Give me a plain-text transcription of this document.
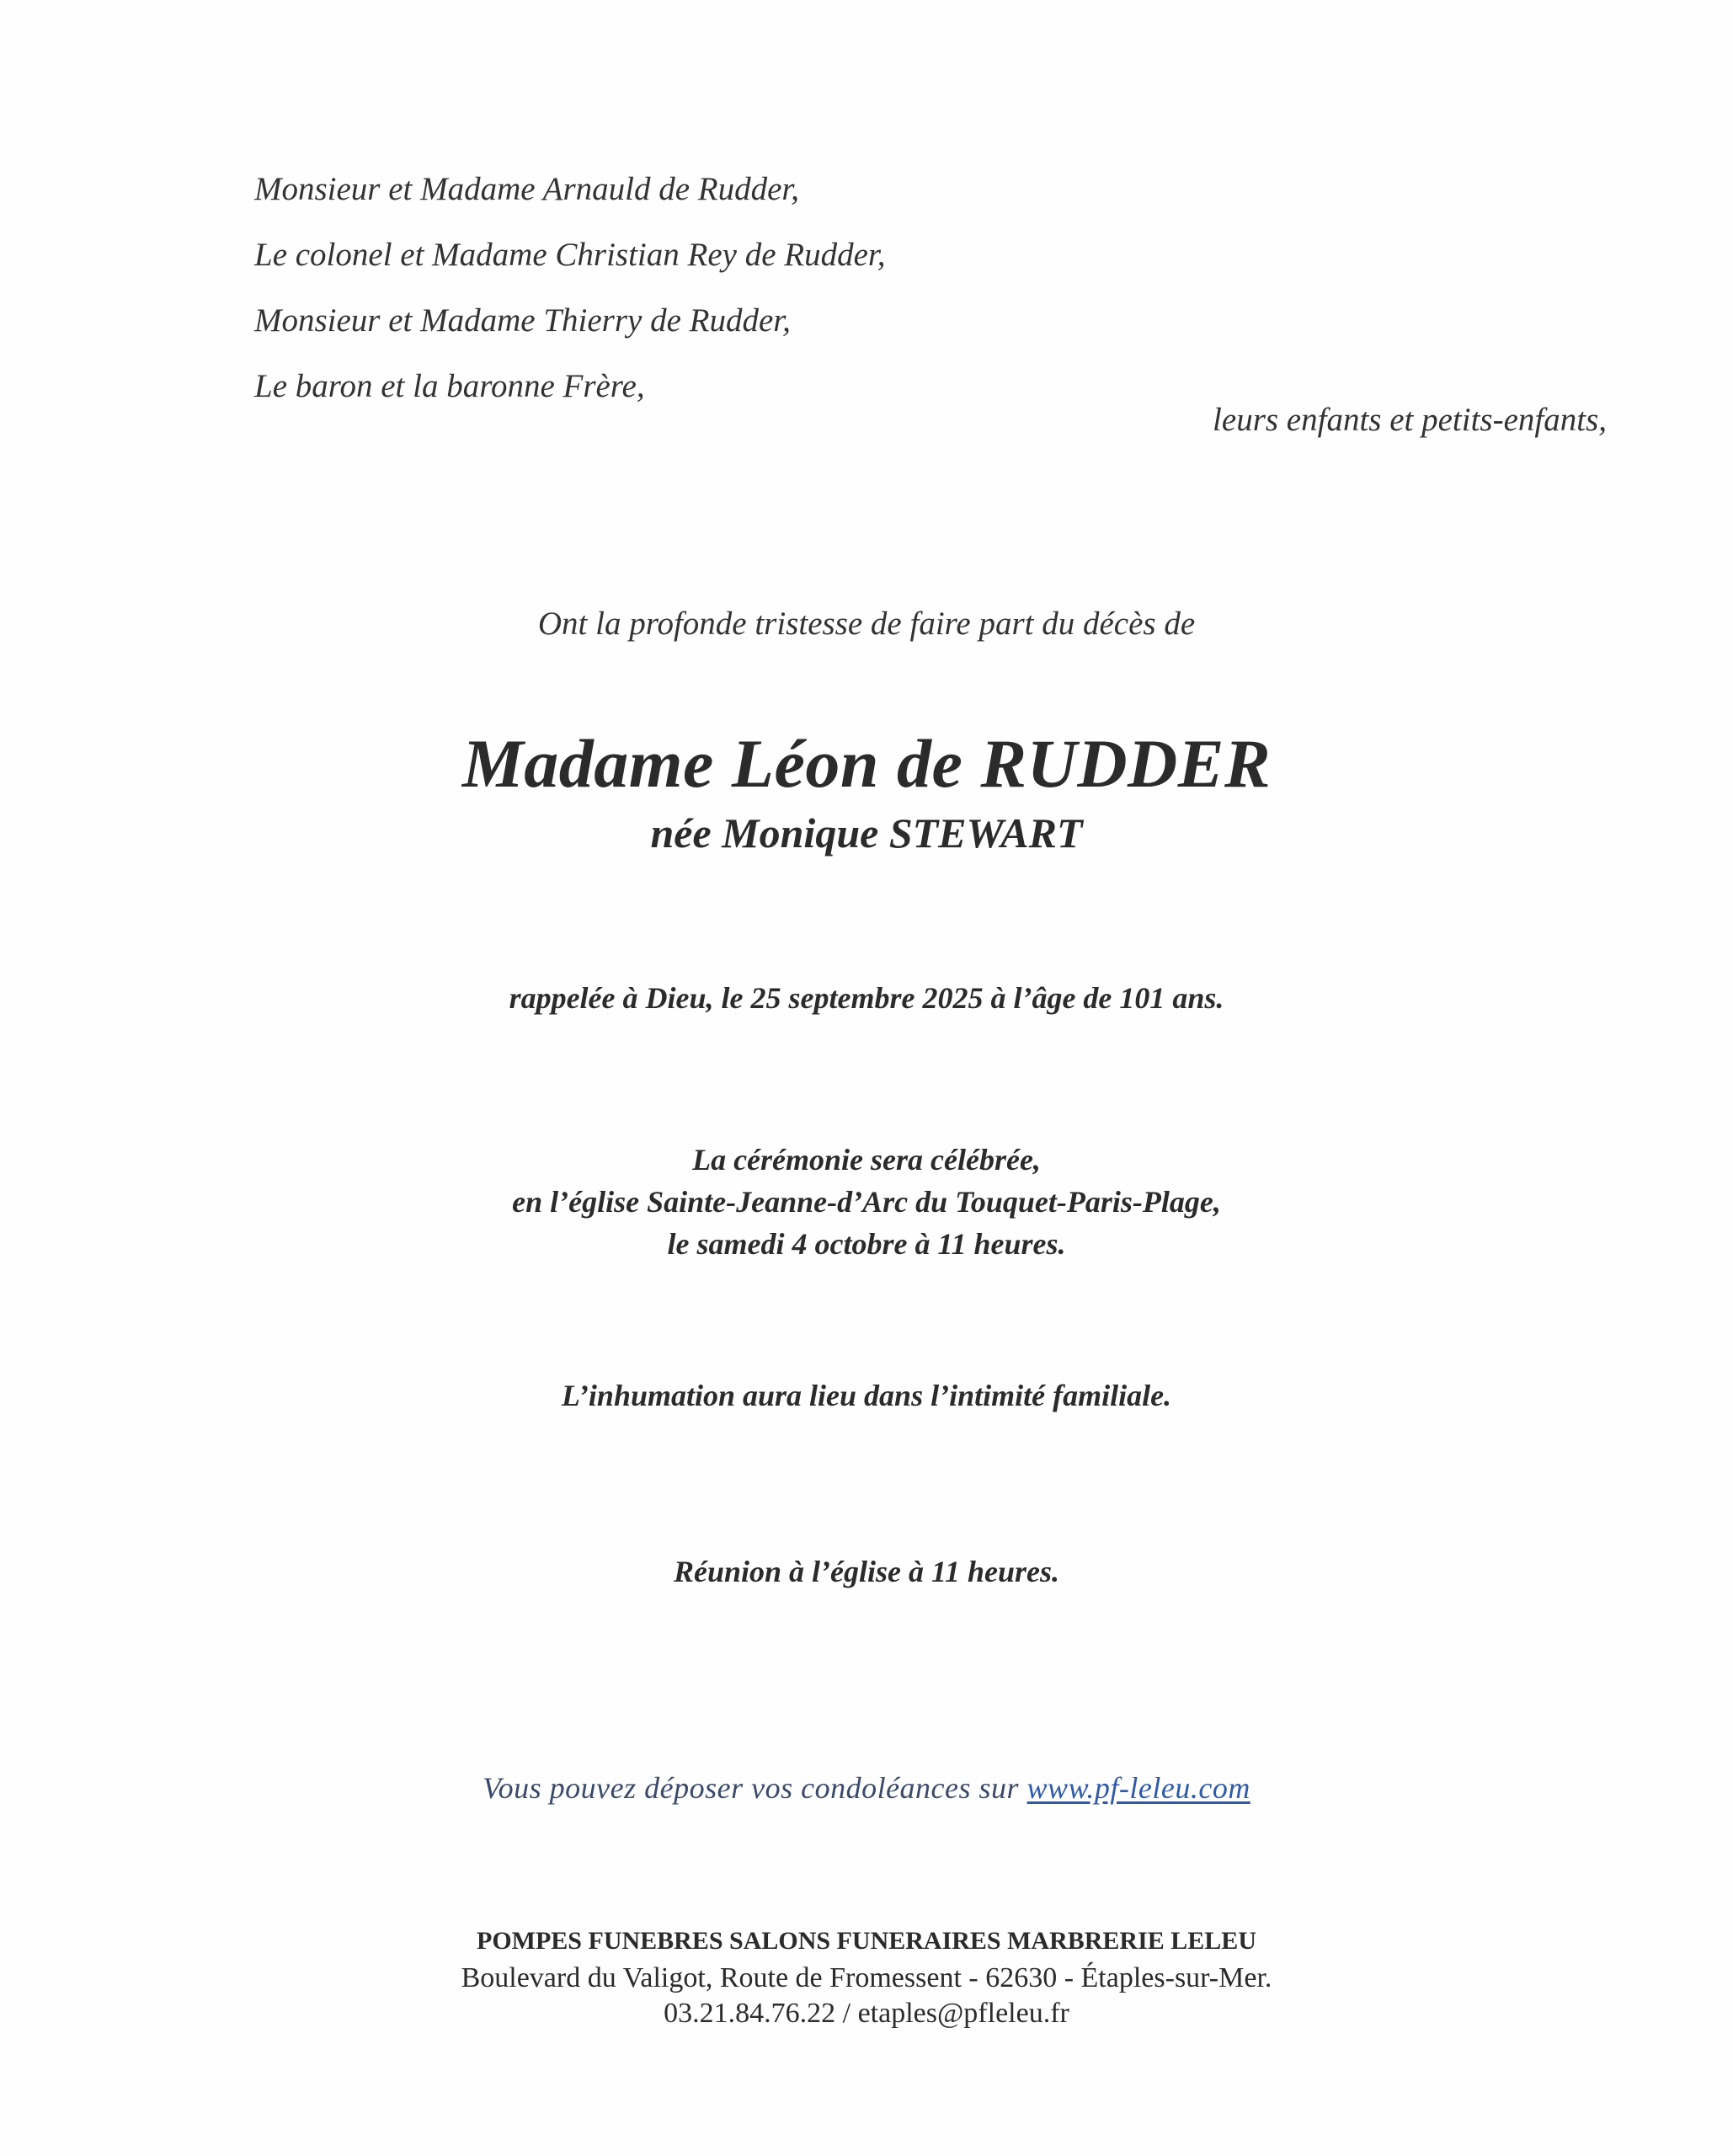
Monsieur et Madame Arnauld de Rudder,
Le colonel et Madame Christian Rey de Rudder,
Monsieur et Madame Thierry de Rudder,
Le baron et la baronne Frère,
leurs enfants et petits-enfants,
Ont la profonde tristesse de faire part du décès de
Madame Léon de RUDDER
née Monique STEWART
rappelée à Dieu, le 25 septembre 2025 à l’âge de 101 ans.
La cérémonie sera célébrée,
en l’église Sainte-Jeanne-d’Arc du Touquet-Paris-Plage,
le samedi 4 octobre à 11 heures.
L’inhumation aura lieu dans l’intimité familiale.
Réunion à l’église à 11 heures.
Vous pouvez déposer vos condoléances sur www.pf-leleu.com
POMPES FUNEBRES SALONS FUNERAIRES MARBRERIE LELEU
Boulevard du Valigot, Route de Fromessent - 62630 - Étaples-sur-Mer.
03.21.84.76.22 / etaples@pfleleu.fr
